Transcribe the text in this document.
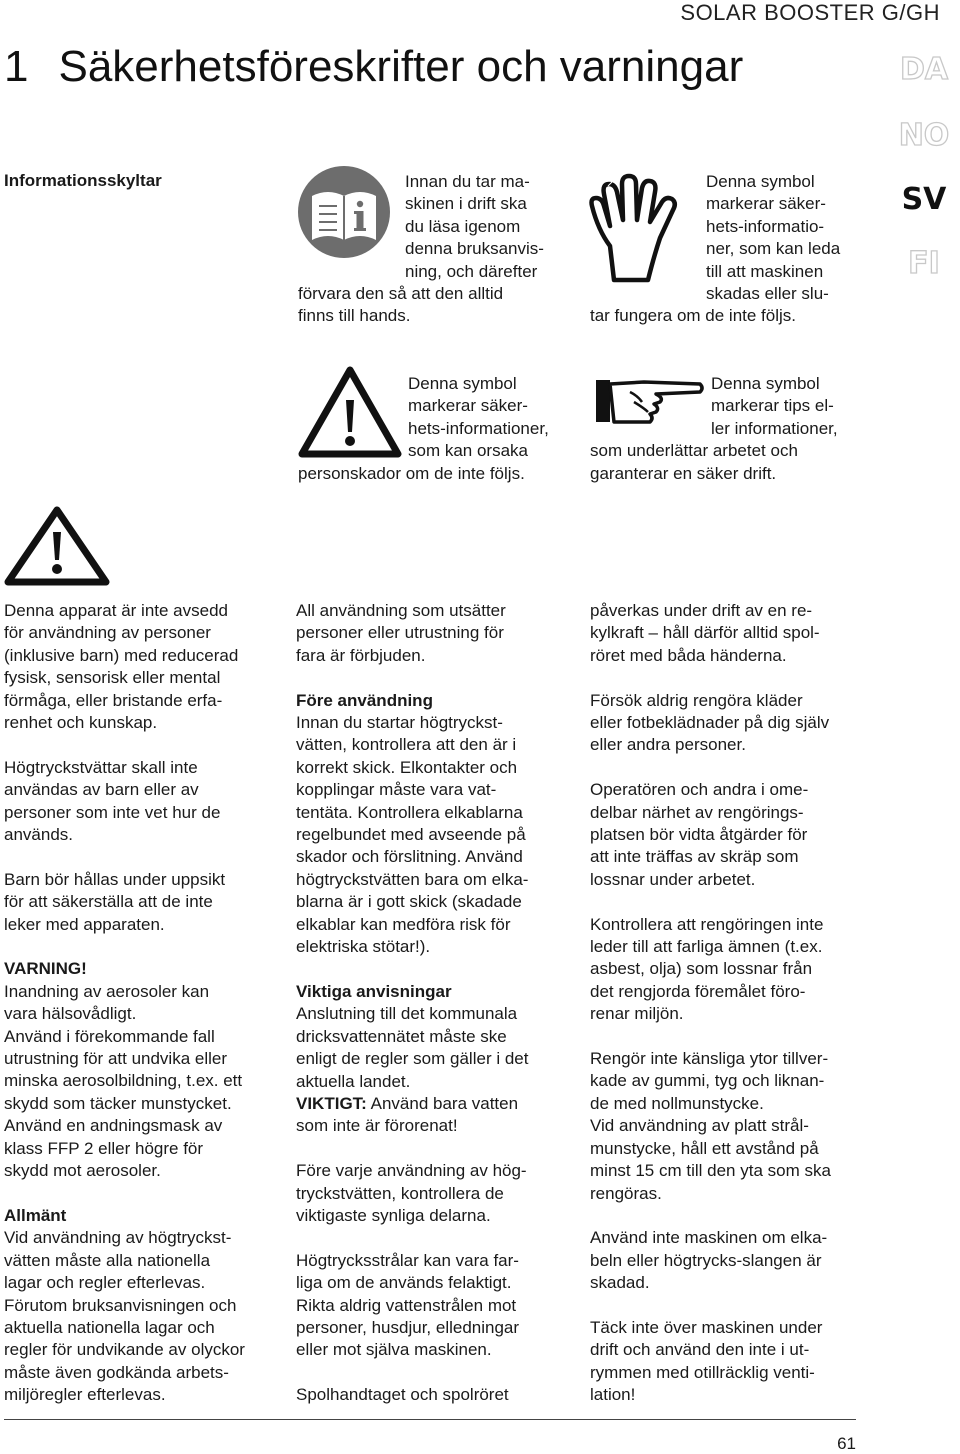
SOLAR BOOSTER G/GH
1 Säkerhetsföreskrifter och varningar	DA
NO
SV
FI
Informationsskyltar	Innan du tar ma-
skinen i drift ska
du läsa igenom
denna bruksanvis-
ning, och därefter
förvara den så att den alltid
finns till hands.
Denna symbol
markerar säker-
hets-informatio-
ner, som kan leda
till att maskinen
skadas eller slu-
tar fungera om de inte följs.
Denna symbol
markerar säker-
hets-informationer,
som kan orsaka
personskador om de inte följs.
Denna symbol
markerar tips el-
ler informationer,
som underlättar arbetet och
garanterar en säker drift.

Denna apparat är inte avsedd
för användning av personer
(inklusive barn) med reducerad
fysisk, sensorisk eller mental
förmåga, eller bristande erfa-
renhet och kunskap.

Högtryckstvättar skall inte
användas av barn eller av
personer som inte vet hur de
används.

Barn bör hållas under uppsikt
för att säkerställa att de inte
leker med apparaten.

VARNING!
Inandning av aerosoler kan
vara hälsovådligt.
Använd i förekommande fall
utrustning för att undvika eller
minska aerosolbildning, t.ex. ett
skydd som täcker munstycket.
Använd en andningsmask av
klass FFP 2 eller högre för
skydd mot aerosoler.

Allmänt
Vid användning av högtryckst-
vätten måste alla nationella
lagar och regler efterlevas.
Förutom bruksanvisningen och
aktuella nationella lagar och
regler för undvikande av olyckor
måste även godkända arbets-
miljöregler efterlevas.

All användning som utsätter
personer eller utrustning för
fara är förbjuden.

Före användning
Innan du startar högtryckst-
vätten, kontrollera att den är i
korrekt skick. Elkontakter och
kopplingar måste vara vat-
tentäta. Kontrollera elkablarna
regelbundet med avseende på
skador och förslitning. Använd
högtryckstvätten bara om elka-
blarna är i gott skick (skadade
elkablar kan medföra risk för
elektriska stötar!).

Viktiga anvisningar
Anslutning till det kommunala
dricksvattennätet måste ske
enligt de regler som gäller i det
aktuella landet.
VIKTIGT: Använd bara vatten
som inte är förorenat!

Före varje användning av hög-
tryckstvätten, kontrollera de
viktigaste synliga delarna.

Högtrycksstrålar kan vara far-
liga om de används felaktigt.
Rikta aldrig vattenstrålen mot
personer, husdjur, elledningar
eller mot själva maskinen.

Spolhandtaget och spolröret

påverkas under drift av en re-
kylkraft – håll därför alltid spol-
röret med båda händerna.

Försök aldrig rengöra kläder
eller fotbeklädnader på dig själv
eller andra personer.

Operatören och andra i ome-
delbar närhet av rengörings-
platsen bör vidta åtgärder för
att inte träffas av skräp som
lossnar under arbetet.

Kontrollera att rengöringen inte
leder till att farliga ämnen (t.ex.
asbest, olja) som lossnar från
det rengjorda föremålet föro-
renar miljön.

Rengör inte känsliga ytor tillver-
kade av gummi, tyg och liknan-
de med nollmunstycke.
Vid användning av platt strål-
munstycke, håll ett avstånd på
minst 15 cm till den yta som ska
rengöras.

Använd inte maskinen om elka-
beln eller högtrycks-slangen är
skadad.

Täck inte över maskinen under
drift och använd den inte i ut-
rymmen med otillräcklig venti-
lation!

61
